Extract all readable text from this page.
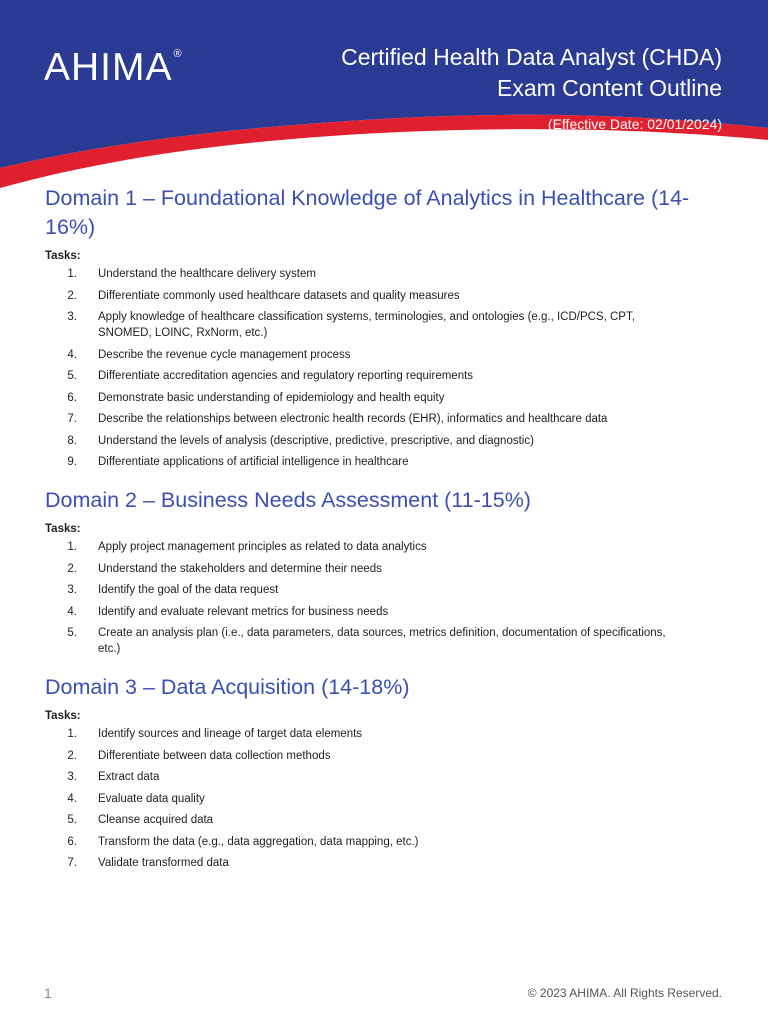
AHIMA®	Certified Health Data Analyst (CHDA)
Exam Content Outline
(Effective Date: 02/01/2024)
Domain 1 – Foundational Knowledge of Analytics in Healthcare (14-16%)
Tasks:
1.	Understand the healthcare delivery system
2.	Differentiate commonly used healthcare datasets and quality measures
3.	Apply knowledge of healthcare classification systems, terminologies, and ontologies (e.g., ICD/PCS, CPT, SNOMED, LOINC, RxNorm, etc.)
4.	Describe the revenue cycle management process
5.	Differentiate accreditation agencies and regulatory reporting requirements
6.	Demonstrate basic understanding of epidemiology and health equity
7.	Describe the relationships between electronic health records (EHR), informatics and healthcare data
8.	Understand the levels of analysis (descriptive, predictive, prescriptive, and diagnostic)
9.	Differentiate applications of artificial intelligence in healthcare
Domain 2 – Business Needs Assessment (11-15%)
Tasks:
1.	Apply project management principles as related to data analytics
2.	Understand the stakeholders and determine their needs
3.	Identify the goal of the data request
4.	Identify and evaluate relevant metrics for business needs
5.	Create an analysis plan (i.e., data parameters, data sources, metrics definition, documentation of specifications, etc.)
Domain 3 – Data Acquisition (14-18%)
Tasks:
1.	Identify sources and lineage of target data elements
2.	Differentiate between data collection methods
3.	Extract data
4.	Evaluate data quality
5.	Cleanse acquired data
6.	Transform the data (e.g., data aggregation, data mapping, etc.)
7.	Validate transformed data
1	© 2023 AHIMA. All Rights Reserved.
